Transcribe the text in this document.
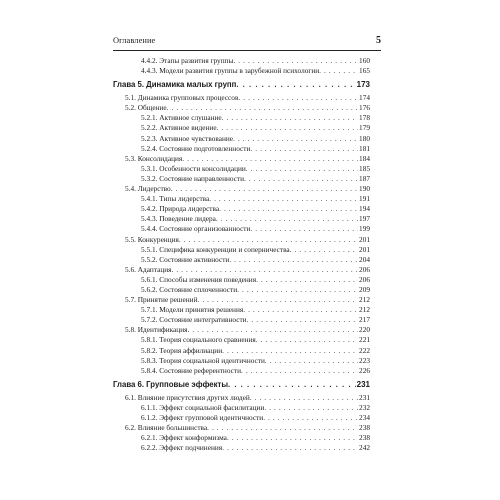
Оглавление	5
4.4.2. Этапы развития группы . . .	160
4.4.3. Модели развития группы в зарубежной психологии . . .	165
Глава 5. Динамика малых групп . . .	173
5.1. Динамика групповых процессов . . .	174
5.2. Общение . . .	176
5.2.1. Активное слушание . . .	178
5.2.2. Активное видение . . .	179
5.2.3. Активное чувствование . . .	180
5.2.4. Состояние подготовленности . . .	181
5.3. Консолидация . . .	184
5.3.1. Особенности консолидации . . .	185
5.3.2. Состояние направленности . . .	187
5.4. Лидерство . . .	190
5.4.1. Типы лидерства . . .	191
5.4.2. Природа лидерства . . .	194
5.4.3. Поведение лидера . . .	197
5.4.4. Состояние организованности . . .	199
5.5. Конкуренция . . .	201
5.5.1. Специфика конкуренции и соперничества . . .	201
5.5.2. Состояние активности . . .	204
5.6. Адаптация . . .	206
5.6.1. Способы изменения поведения . . .	206
5.6.2. Состояние сплоченности . . .	209
5.7. Принятие решений . . .	212
5.7.1. Модели принятия решения . . .	212
5.7.2. Состояние интегративности . . .	217
5.8. Идентификация . . .	220
5.8.1. Теория социального сравнения . . .	221
5.8.2. Теория аффилиации . . .	222
5.8.3. Теория социальной идентичности . . .	223
5.8.4. Состояние референтности . . .	226
Глава 6. Групповые эффекты . . .	231
6.1. Влияние присутствия других людей . . .	231
6.1.1. Эффект социальной фасилитации . . .	232
6.1.2. Эффект групповой идентичности . . .	234
6.2. Влияние большинства . . .	238
6.2.1. Эффект конформизма . . .	238
6.2.2. Эффект подчинения . . .	242
